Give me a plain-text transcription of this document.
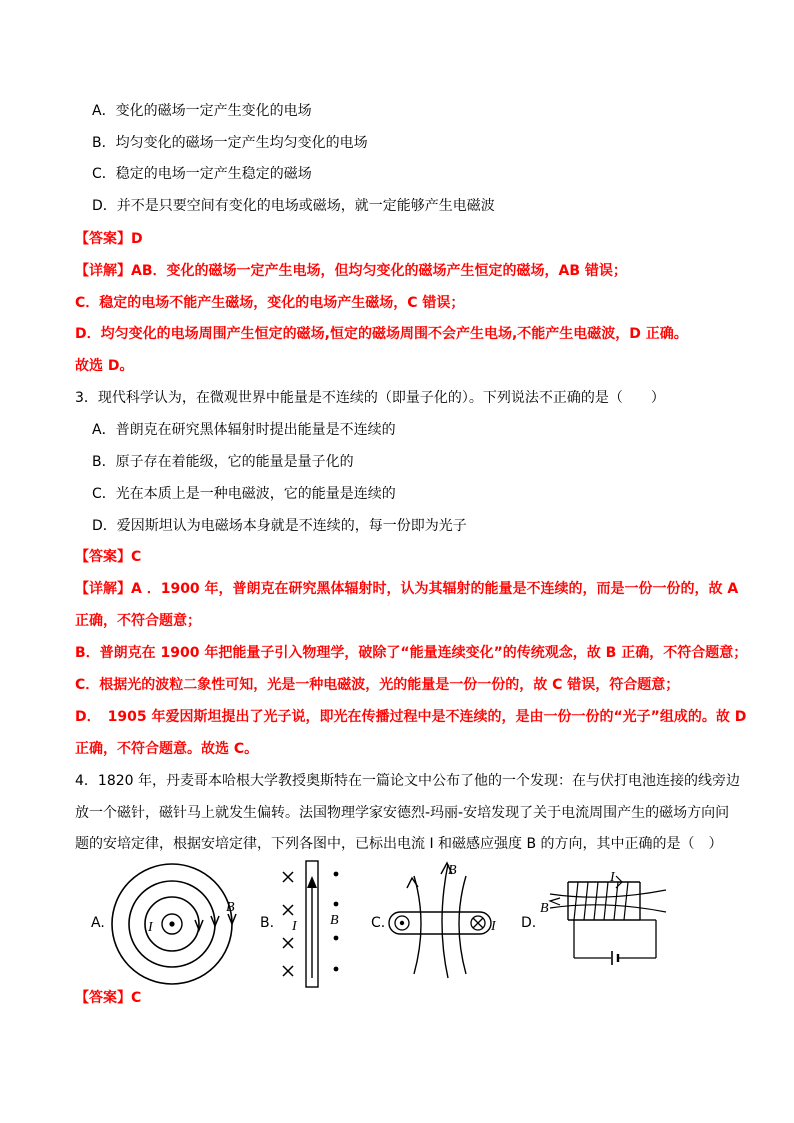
A．变化的磁场一定产生变化的电场
B．均匀变化的磁场一定产生均匀变化的电场
C．稳定的电场一定产生稳定的磁场
D．并不是只要空间有变化的电场或磁场，就一定能够产生电磁波
【答案】D
【详解】AB．变化的磁场一定产生电场，但均匀变化的磁场产生恒定的磁场，AB 错误；
C．稳定的电场不能产生磁场，变化的电场产生磁场，C 错误；
D．均匀变化的电场周围产生恒定的磁场,恒定的磁场周围不会产生电场,不能产生电磁波，D 正确。
故选 D。
3．现代科学认为，在微观世界中能量是不连续的（即量子化的）。下列说法不正确的是（　　）
A．普朗克在研究黑体辐射时提出能量是不连续的
B．原子存在着能级，它的能量是量子化的
C．光在本质上是一种电磁波，它的能量是连续的
D．爱因斯坦认为电磁场本身就是不连续的，每一份即为光子
【答案】C
【详解】A ．1900 年，普朗克在研究黑体辐射时，认为其辐射的能量是不连续的，而是一份一份的，故 A
正确，不符合题意；
B．普朗克在 1900 年把能量子引入物理学，破除了“能量连续变化”的传统观念，故 B 正确，不符合题意；
C．根据光的波粒二象性可知，光是一种电磁波，光的能量是一份一份的，故 C 错误，符合题意；
D．　1905 年爱因斯坦提出了光子说，即光在传播过程中是不连续的，是由一份一份的“光子”组成的。故 D
正确，不符合题意。故选 C。
4．1820 年，丹麦哥本哈根大学教授奥斯特在一篇论文中公布了他的一个发现：在与伏打电池连接的线旁边
放一个磁针，磁针马上就发生偏转。法国物理学家安德烈-玛丽-安培发现了关于电流周围产生的磁场方向问
题的安培定律，根据安培定律，下列各图中，已标出电流 I 和磁感应强度 B 的方向，其中正确的是（　）
A.	B.	C.	D.
I
B
I B
B
I
I
B
【答案】C
